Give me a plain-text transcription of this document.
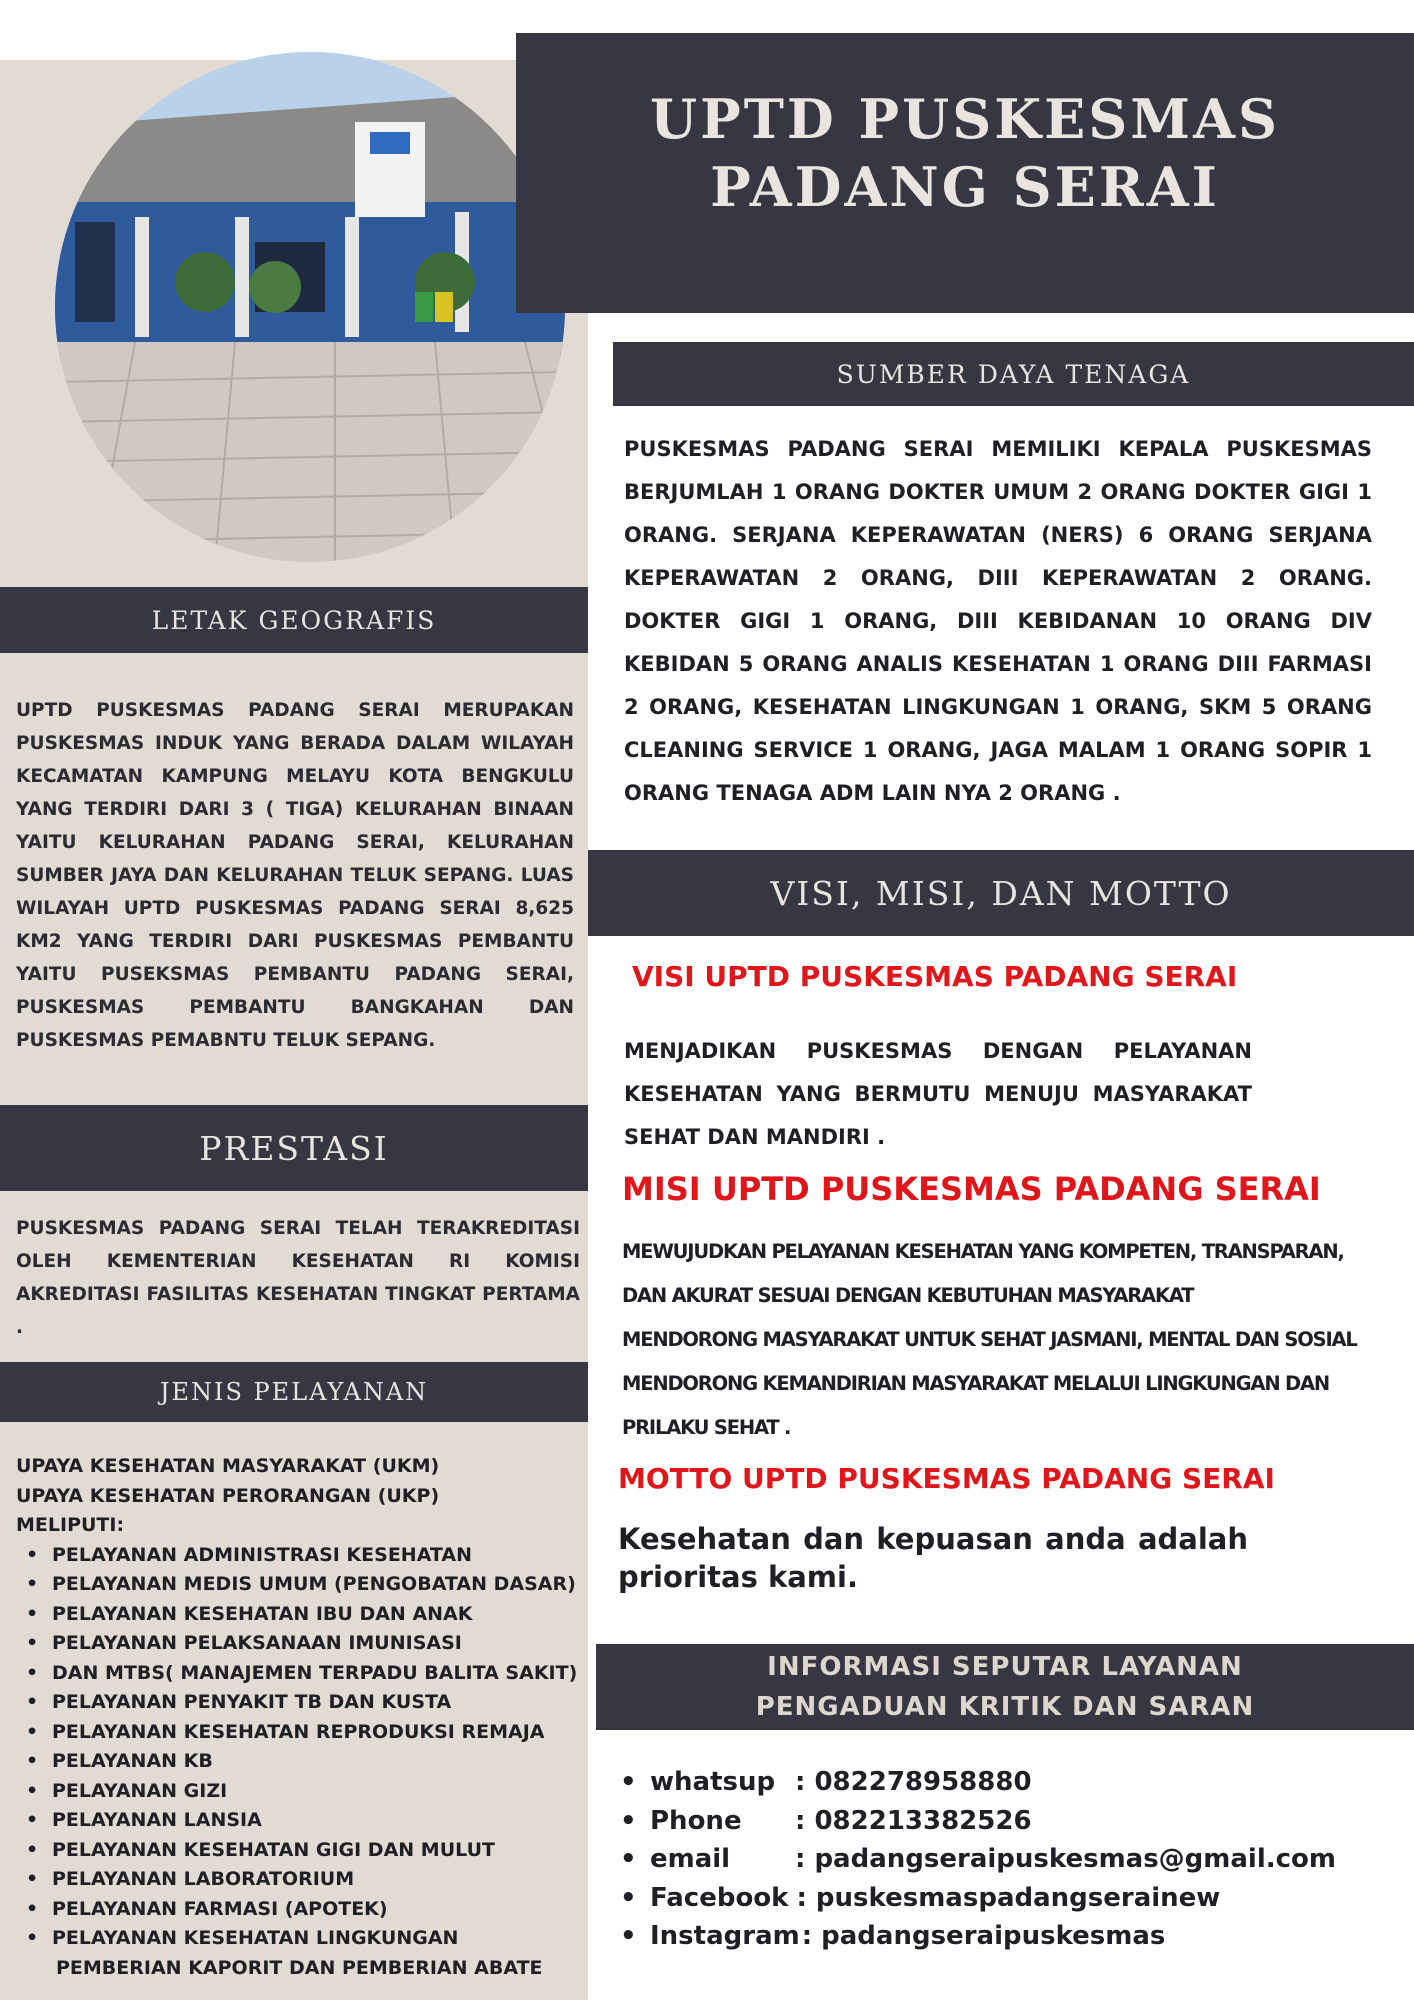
UPTD PUSKESMAS
PADANG SERAI
LETAK GEOGRAFIS
UPTD PUSKESMAS PADANG SERAI MERUPAKAN PUSKESMAS INDUK YANG BERADA DALAM WILAYAH KECAMATAN KAMPUNG MELAYU KOTA BENGKULU YANG TERDIRI DARI 3 ( TIGA) KELURAHAN BINAAN YAITU KELURAHAN PADANG SERAI, KELURAHAN SUMBER JAYA DAN KELURAHAN TELUK SEPANG. LUAS WILAYAH UPTD PUSKESMAS PADANG SERAI 8,625 KM2 YANG TERDIRI DARI PUSKESMAS PEMBANTU YAITU PUSEKSMAS PEMBANTU PADANG SERAI, PUSKESMAS PEMBANTU BANGKAHAN DAN PUSKESMAS PEMABNTU TELUK SEPANG.
PRESTASI
PUSKESMAS PADANG SERAI TELAH TERAKREDITASI OLEH KEMENTERIAN KESEHATAN RI KOMISI AKREDITASI FASILITAS KESEHATAN TINGKAT PERTAMA .
JENIS PELAYANAN
UPAYA KESEHATAN MASYARAKAT (UKM)
UPAYA KESEHATAN PERORANGAN (UKP)
MELIPUTI:
• PELAYANAN ADMINISTRASI KESEHATAN
• PELAYANAN MEDIS UMUM (PENGOBATAN DASAR)
• PELAYANAN KESEHATAN IBU DAN ANAK
• PELAYANAN PELAKSANAAN IMUNISASI
• DAN MTBS( MANAJEMEN TERPADU BALITA SAKIT)
• PELAYANAN PENYAKIT TB DAN KUSTA
• PELAYANAN KESEHATAN REPRODUKSI REMAJA
• PELAYANAN KB
• PELAYANAN GIZI
• PELAYANAN LANSIA
• PELAYANAN KESEHATAN GIGI DAN MULUT
• PELAYANAN LABORATORIUM
• PELAYANAN FARMASI (APOTEK)
• PELAYANAN KESEHATAN LINGKUNGAN
PEMBERIAN KAPORIT DAN PEMBERIAN ABATE
SUMBER DAYA TENAGA
PUSKESMAS PADANG SERAI MEMILIKI KEPALA PUSKESMAS BERJUMLAH 1 ORANG DOKTER UMUM 2 ORANG DOKTER GIGI 1 ORANG. SERJANA KEPERAWATAN (NERS) 6 ORANG SERJANA KEPERAWATAN 2 ORANG, DIII KEPERAWATAN 2 ORANG. DOKTER GIGI 1 ORANG, DIII KEBIDANAN 10 ORANG DIV KEBIDAN 5 ORANG ANALIS KESEHATAN 1 ORANG DIII FARMASI 2 ORANG, KESEHATAN LINGKUNGAN 1 ORANG, SKM 5 ORANG CLEANING SERVICE 1 ORANG, JAGA MALAM 1 ORANG SOPIR 1 ORANG TENAGA ADM LAIN NYA 2 ORANG .
VISI, MISI, DAN MOTTO
VISI UPTD PUSKESMAS PADANG SERAI
MENJADIKAN PUSKESMAS DENGAN PELAYANAN KESEHATAN YANG BERMUTU MENUJU MASYARAKAT SEHAT DAN MANDIRI .
MISI UPTD PUSKESMAS PADANG SERAI
MEWUJUDKAN PELAYANAN KESEHATAN YANG KOMPETEN, TRANSPARAN,
DAN AKURAT SESUAI DENGAN KEBUTUHAN MASYARAKAT
MENDORONG MASYARAKAT UNTUK SEHAT JASMANI, MENTAL DAN SOSIAL
MENDORONG KEMANDIRIAN MASYARAKAT MELALUI LINGKUNGAN DAN
PRILAKU SEHAT .
MOTTO UPTD PUSKESMAS PADANG SERAI
Kesehatan dan kepuasan anda adalah prioritas kami.
INFORMASI SEPUTAR LAYANAN
PENGADUAN KRITIK DAN SARAN
• whatsup : 082278958880
• Phone	: 082213382526
• email	: padangseraipuskesmas@gmail.com
• Facebook : puskesmaspadangserainew
• Instagram : padangseraipuskesmas
